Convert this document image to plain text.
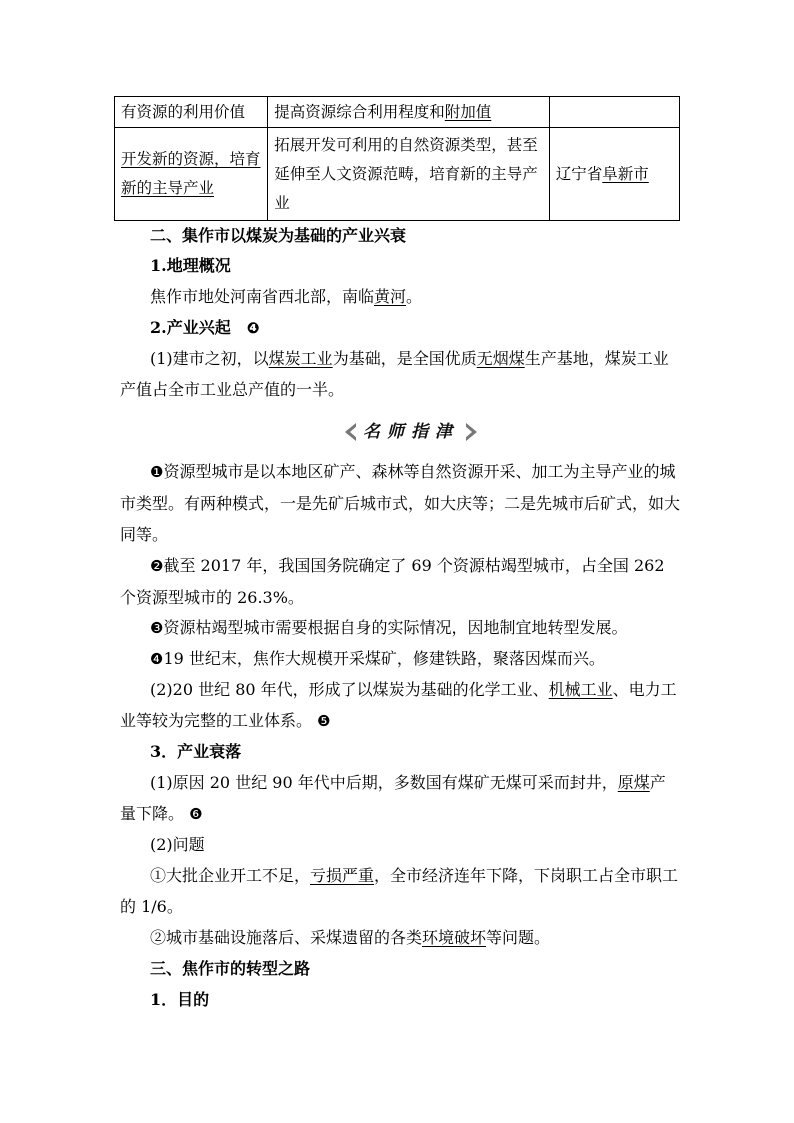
有资源的利用价值	提高资源综合利用程度和附加值	
开发新的资源，培育新的主导产业	拓展开发可利用的自然资源类型，甚至延伸至人文资源范畴，培育新的主导产业	辽宁省阜新市

二、集作市以煤炭为基础的产业兴衰

1.地理概况

焦作市地处河南省西北部，南临黄河。

2.产业兴起　❹

(1)建市之初，以煤炭工业为基础，是全国优质无烟煤生产基地，煤炭工业产值占全市工业总产值的一半。

名师指津

❶资源型城市是以本地区矿产、森林等自然资源开采、加工为主导产业的城市类型。有两种模式，一是先矿后城市式，如大庆等；二是先城市后矿式，如大同等。

❷截至 2017 年，我国国务院确定了 69 个资源枯竭型城市，占全国 262 个资源型城市的 26.3%。

❸资源枯竭型城市需要根据自身的实际情况，因地制宜地转型发展。

❹19 世纪末，焦作大规模开采煤矿，修建铁路，聚落因煤而兴。

(2)20 世纪 80 年代，形成了以煤炭为基础的化学工业、机械工业、电力工业等较为完整的工业体系。 ❺

3．产业衰落

(1)原因 20 世纪 90 年代中后期，多数国有煤矿无煤可采而封井，原煤产量下降。 ❻

(2)问题

①大批企业开工不足，亏损严重，全市经济连年下降，下岗职工占全市职工的 1/6。

②城市基础设施落后、采煤遗留的各类环境破坏等问题。

三、焦作市的转型之路

1．目的
